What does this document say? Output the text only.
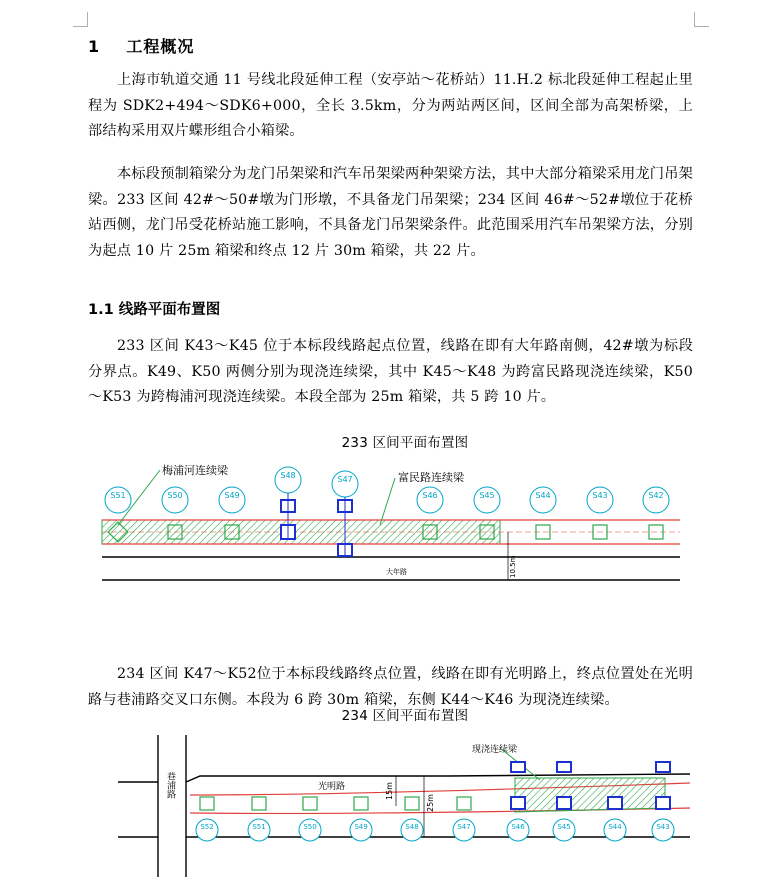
1 工程概况

上海市轨道交通 11 号线北段延伸工程（安亭站～花桥站）11.H.2 标北段延伸工程起止里程为 SDK2+494～SDK6+000，全长 3.5km，分为两站两区间，区间全部为高架桥梁，上部结构采用双片蝶形组合小箱梁。

本标段预制箱梁分为龙门吊架梁和汽车吊架梁两种架梁方法，其中大部分箱梁采用龙门吊架梁。233 区间 42#～50#墩为门形墩，不具备龙门吊架梁；234 区间 46#～52#墩位于花桥站西侧，龙门吊受花桥站施工影响，不具备龙门吊架梁条件。此范围采用汽车吊架梁方法，分别为起点 10 片 25m 箱梁和终点 12 片 30m 箱梁，共 22 片。

1.1 线路平面布置图

233 区间 K43～K45 位于本标段线路起点位置，线路在即有大年路南侧，42#墩为标段分界点。K49、K50 两侧分别为现浇连续梁，其中 K45～K48 为跨富民路现浇连续梁，K50～K53 为跨梅浦河现浇连续梁。本段全部为 25m 箱梁，共 5 跨 10 片。

233 区间平面布置图

234 区间 K47～K52位于本标段线路终点位置，线路在即有光明路上，终点位置处在光明路与巷浦路交叉口东侧。本段为 6 跨 30m 箱梁，东侧 K44～K46 为现浇连续梁。

234 区间平面布置图

大年路	10.5m
梅浦河连续梁
富民路连续梁
S51	S50	S49
S48	S47
S46	S45	S44	S43	S42
巷浦路	光明路
现浇连续梁
15m
25m
S52	S51	S50	S49	S48	S47	S46	S45	S44	S43
